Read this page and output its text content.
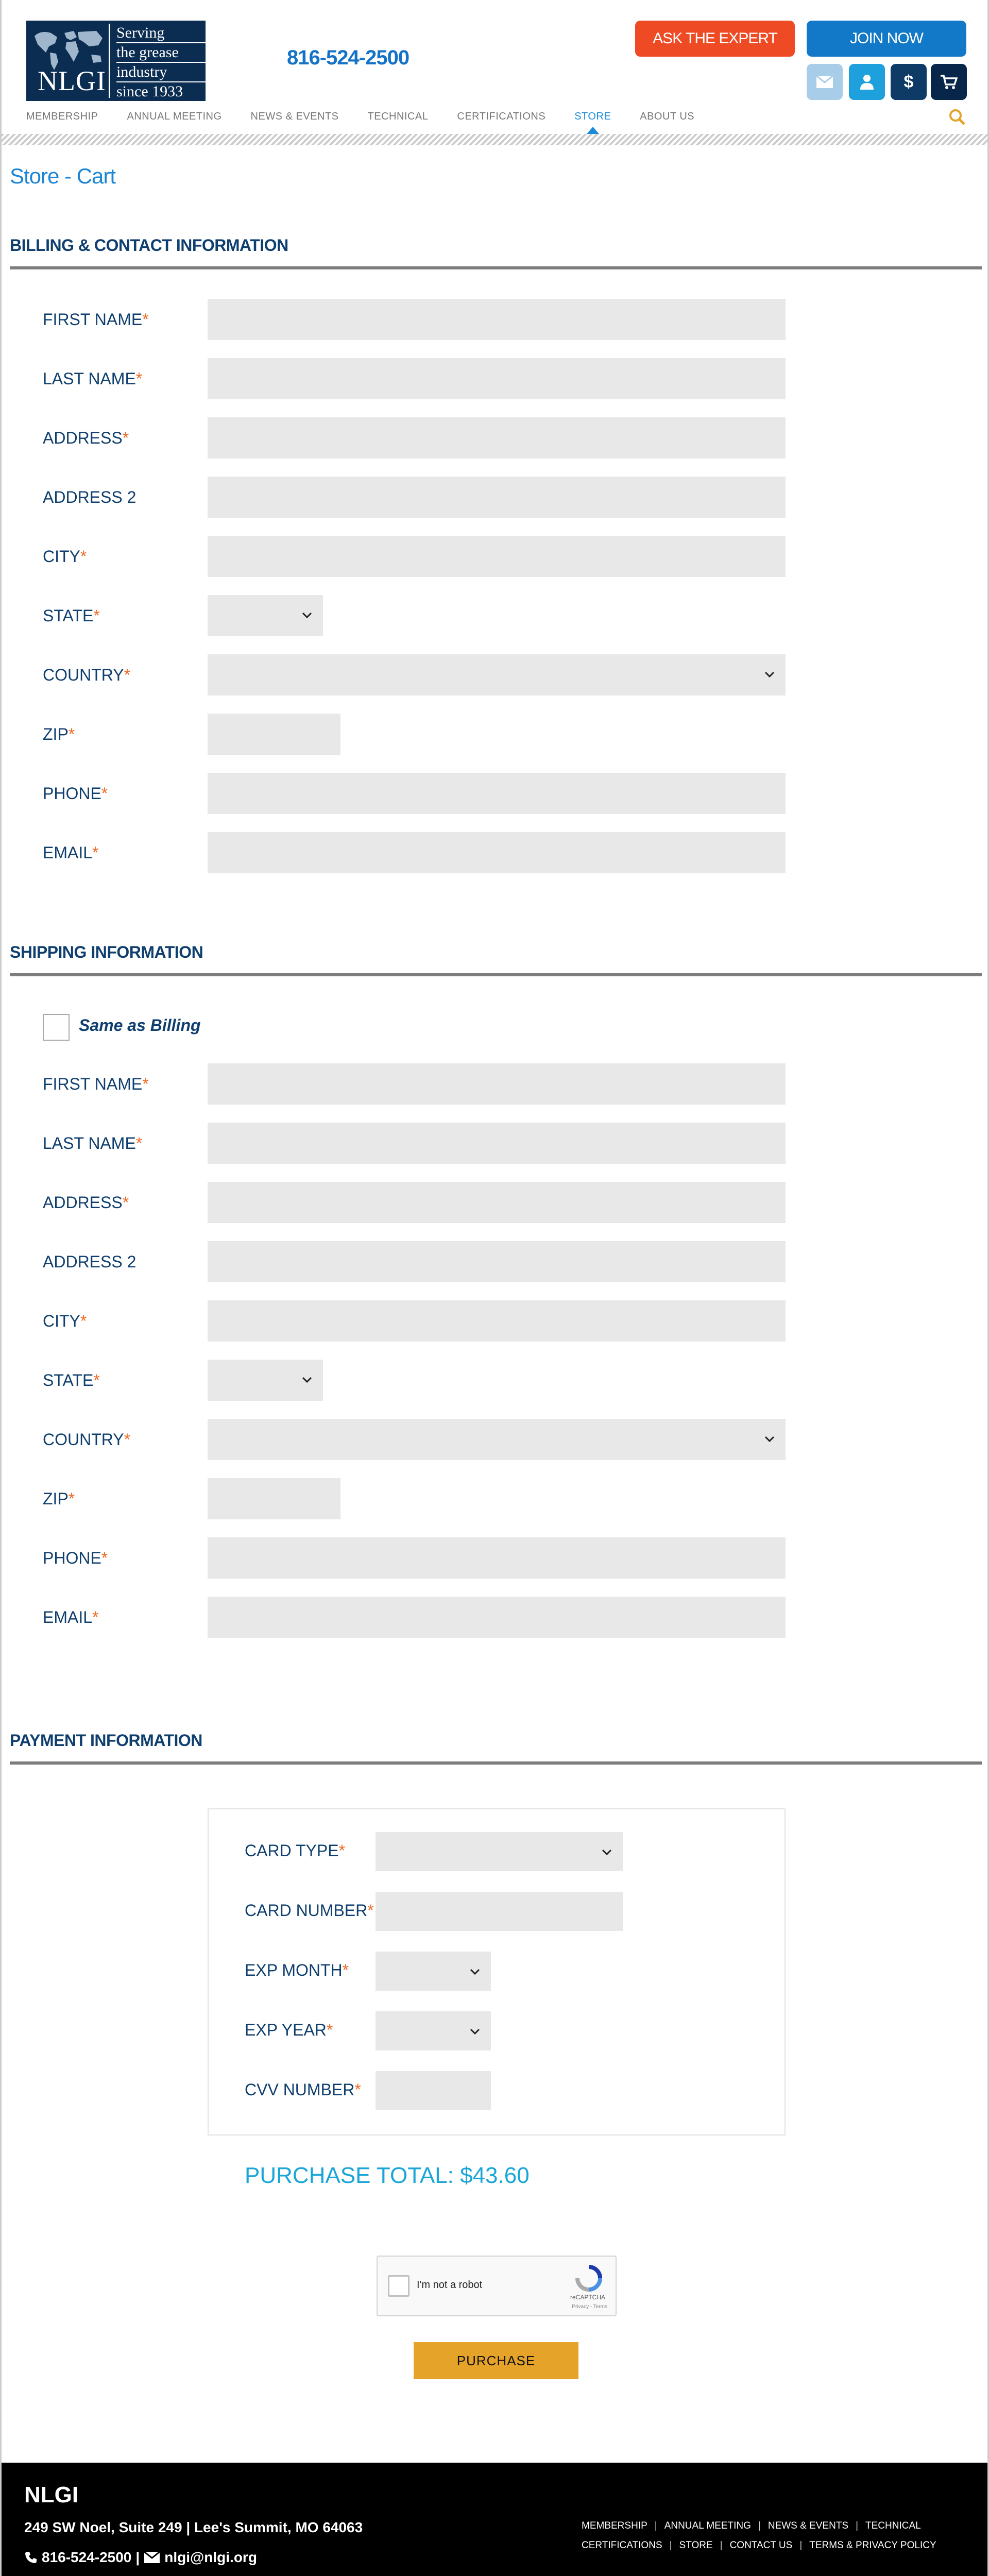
NLGI
Serving
the grease
industry
since 1933
816-524-2500
ASK THE EXPERT	JOIN NOW
$
MEMBERSHIP	ANNUAL MEETING	NEWS & EVENTS	TECHNICAL	CERTIFICATIONS	STORE	ABOUT US
Store - Cart
BILLING & CONTACT INFORMATION
FIRST NAME*
LAST NAME*
ADDRESS*
ADDRESS 2
CITY*
STATE*
COUNTRY*
ZIP*
PHONE*
EMAIL*
SHIPPING INFORMATION
Same as Billing
FIRST NAME*
LAST NAME*
ADDRESS*
ADDRESS 2
CITY*
STATE*
COUNTRY*
ZIP*
PHONE*
EMAIL*
PAYMENT INFORMATION
CARD TYPE*
CARD NUMBER*
EXP MONTH*
EXP YEAR*
CVV NUMBER*
PURCHASE TOTAL: $43.60
I'm not a robot
reCAPTCHA
Privacy - Terms
PURCHASE
NLGI
249 SW Noel, Suite 249 | Lee's Summit, MO 64063
816-524-2500 | nlgi@nlgi.org
MEMBERSHIP | ANNUAL MEETING | NEWS & EVENTS | TECHNICAL
CERTIFICATIONS | STORE | CONTACT US | TERMS & PRIVACY POLICY
